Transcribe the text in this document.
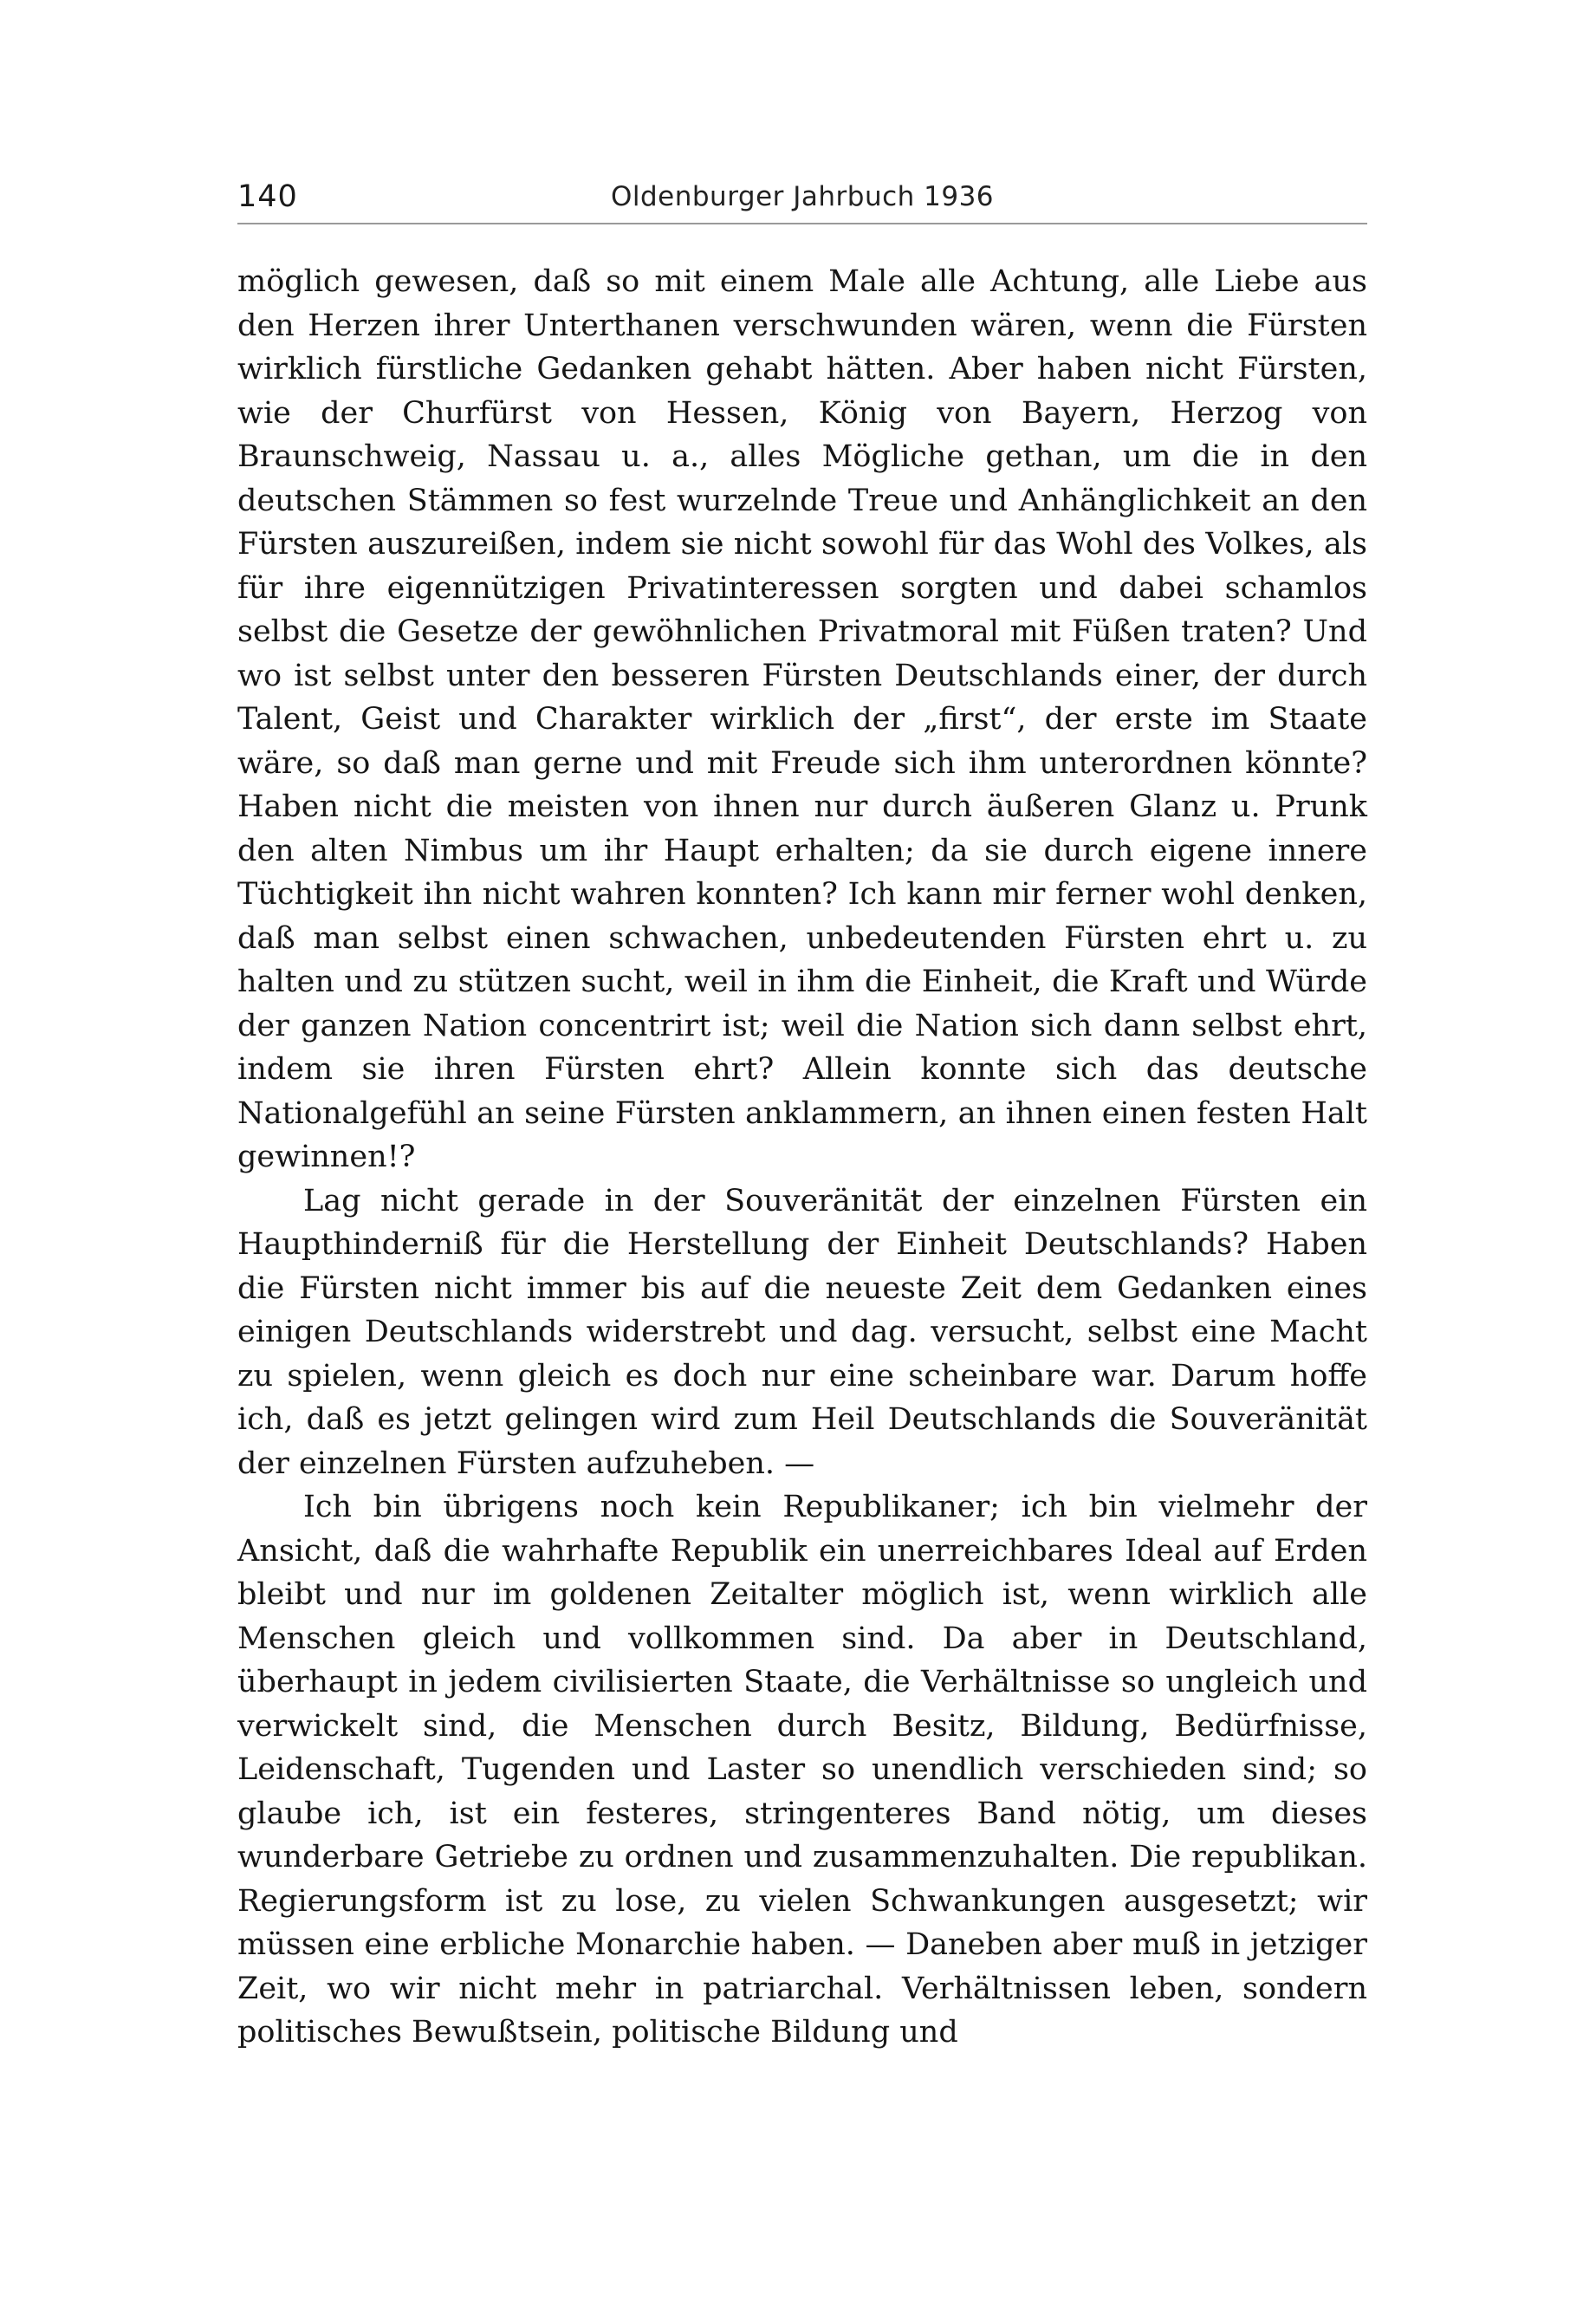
140	Oldenburger Jahrbuch 1936

möglich gewesen, daß so mit einem Male alle Achtung, alle Liebe aus den Herzen ihrer Unterthanen verschwunden wären, wenn die Fürsten wirklich fürstliche Gedanken gehabt hätten. Aber haben nicht Fürsten, wie der Churfürst von Hessen, König von Bayern, Herzog von Braunschweig, Nassau u. a., alles Mögliche gethan, um die in den deutschen Stämmen so fest wurzelnde Treue und Anhänglichkeit an den Fürsten auszureißen, indem sie nicht sowohl für das Wohl des Volkes, als für ihre eigennützigen Privatinteressen sorgten und dabei schamlos selbst die Gesetze der gewöhnlichen Privatmoral mit Füßen traten? Und wo ist selbst unter den besseren Fürsten Deutschlands einer, der durch Talent, Geist und Charakter wirklich der „first“, der erste im Staate wäre, so daß man gerne und mit Freude sich ihm unterordnen könnte? Haben nicht die meisten von ihnen nur durch äußeren Glanz u. Prunk den alten Nimbus um ihr Haupt erhalten; da sie durch eigene innere Tüchtigkeit ihn nicht wahren konnten? Ich kann mir ferner wohl denken, daß man selbst einen schwachen, unbedeutenden Fürsten ehrt u. zu halten und zu stützen sucht, weil in ihm die Einheit, die Kraft und Würde der ganzen Nation concentrirt ist; weil die Nation sich dann selbst ehrt, indem sie ihren Fürsten ehrt? Allein konnte sich das deutsche Nationalgefühl an seine Fürsten anklammern, an ihnen einen festen Halt gewinnen!?

Lag nicht gerade in der Souveränität der einzelnen Fürsten ein Haupthinderniß für die Herstellung der Einheit Deutschlands? Haben die Fürsten nicht immer bis auf die neueste Zeit dem Gedanken eines einigen Deutschlands widerstrebt und dag. versucht, selbst eine Macht zu spielen, wenn gleich es doch nur eine scheinbare war. Darum hoffe ich, daß es jetzt gelingen wird zum Heil Deutschlands die Souveränität der einzelnen Fürsten aufzuheben. —

Ich bin übrigens noch kein Republikaner; ich bin vielmehr der Ansicht, daß die wahrhafte Republik ein unerreichbares Ideal auf Erden bleibt und nur im goldenen Zeitalter möglich ist, wenn wirklich alle Menschen gleich und vollkommen sind. Da aber in Deutschland, überhaupt in jedem civilisierten Staate, die Verhältnisse so ungleich und verwickelt sind, die Menschen durch Besitz, Bildung, Bedürfnisse, Leidenschaft, Tugenden und Laster so unendlich verschieden sind; so glaube ich, ist ein festeres, stringenteres Band nötig, um dieses wunderbare Getriebe zu ordnen und zusammenzuhalten. Die republikan. Regierungsform ist zu lose, zu vielen Schwankungen ausgesetzt; wir müssen eine erbliche Monarchie haben. — Daneben aber muß in jetziger Zeit, wo wir nicht mehr in patriarchal. Verhältnissen leben, sondern politisches Bewußtsein, politische Bildung und
